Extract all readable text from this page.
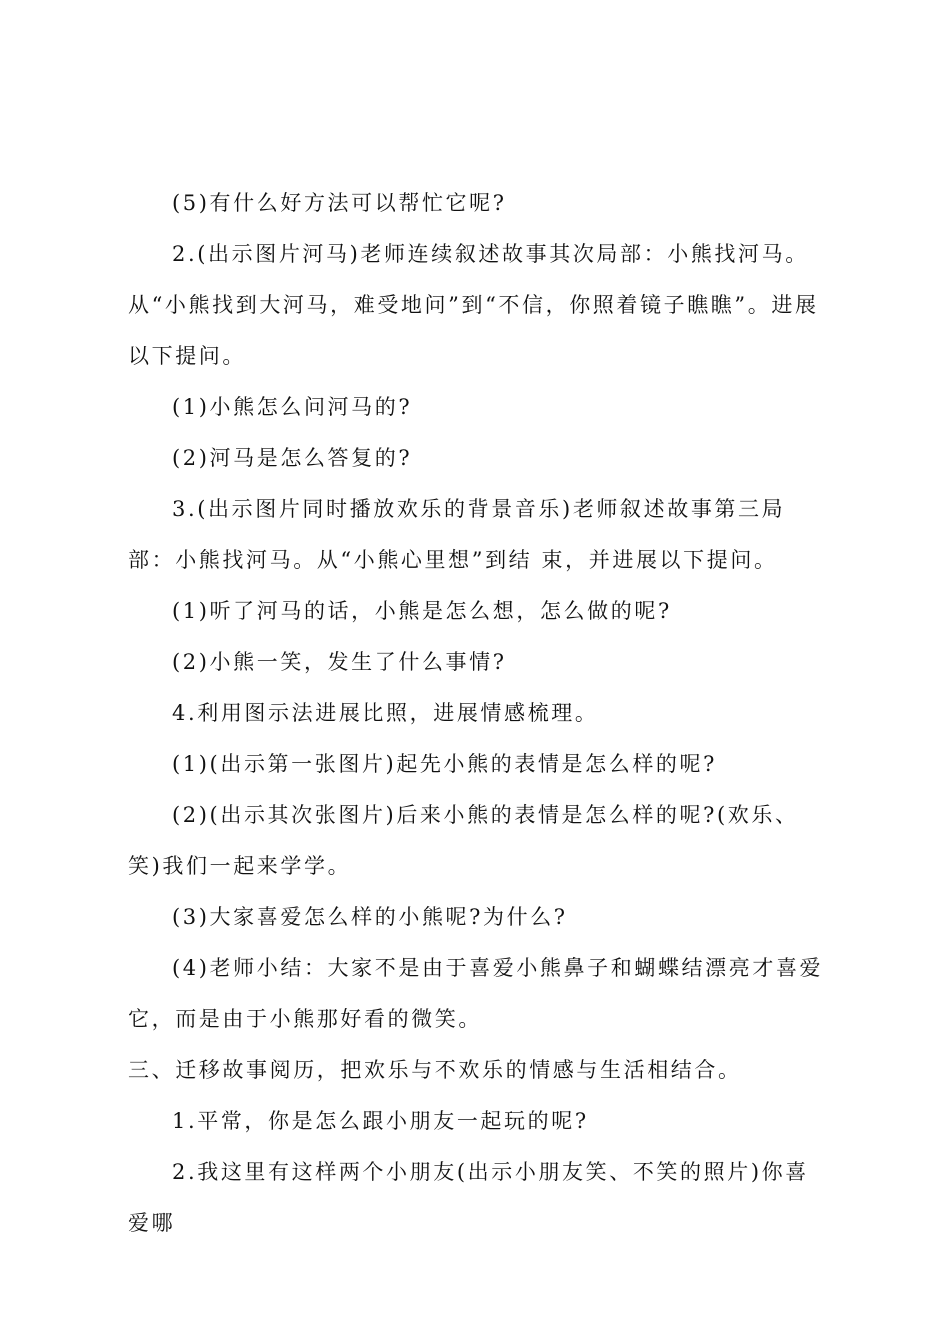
(5)有什么好方法可以帮忙它呢?

2.(出示图片河马)老师连续叙述故事其次局部：小熊找河马。从“小熊找到大河马，难受地问”到“不信，你照着镜子瞧瞧”。进展以下提问。

(1)小熊怎么问河马的?

(2)河马是怎么答复的?

3.(出示图片同时播放欢乐的背景音乐)老师叙述故事第三局部：小熊找河马。从“小熊心里想”到结 束，并进展以下提问。

(1)听了河马的话，小熊是怎么想，怎么做的呢?

(2)小熊一笑，发生了什么事情?

4.利用图示法进展比照，进展情感梳理。

(1)(出示第一张图片)起先小熊的表情是怎么样的呢?

(2)(出示其次张图片)后来小熊的表情是怎么样的呢?(欢乐、笑)我们一起来学学。

(3)大家喜爱怎么样的小熊呢?为什么?

(4)老师小结：大家不是由于喜爱小熊鼻子和蝴蝶结漂亮才喜爱它，而是由于小熊那好看的微笑。

三、迁移故事阅历，把欢乐与不欢乐的情感与生活相结合。

1.平常，你是怎么跟小朋友一起玩的呢?

2.我这里有这样两个小朋友(出示小朋友笑、不笑的照片)你喜爱哪
